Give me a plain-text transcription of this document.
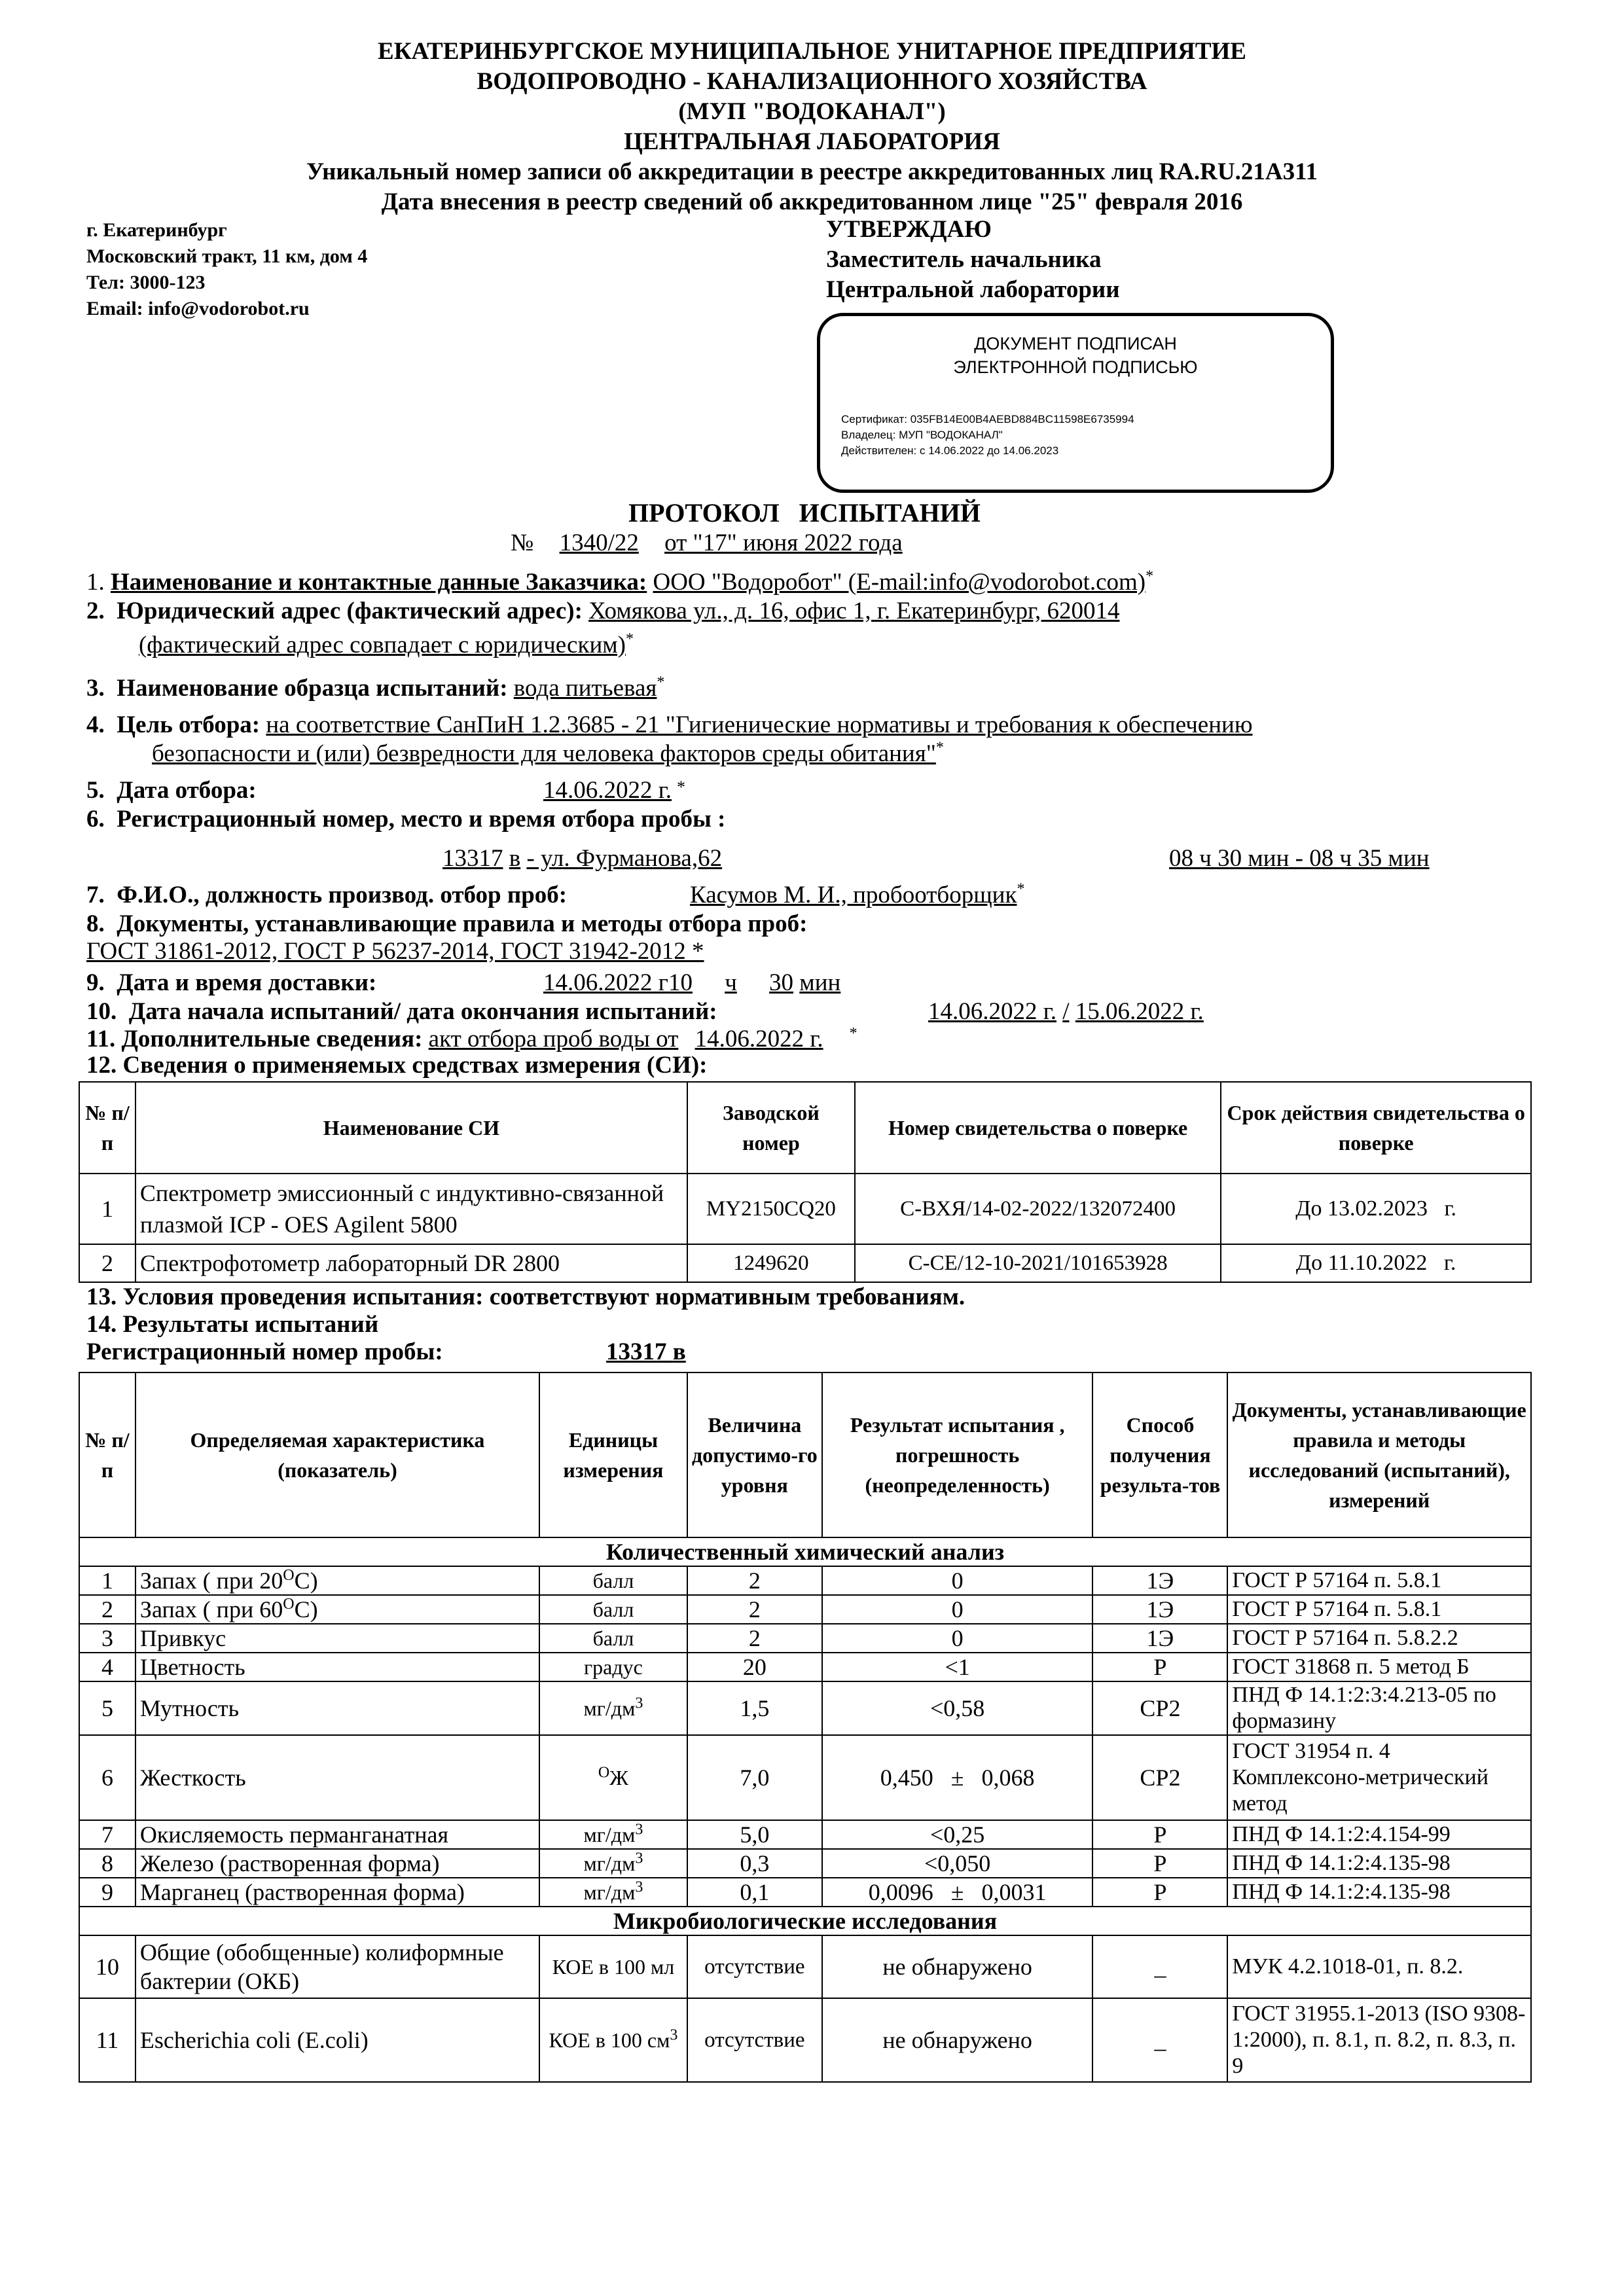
ЕКАТЕРИНБУРГСКОЕ МУНИЦИПАЛЬНОЕ УНИТАРНОЕ ПРЕДПРИЯТИЕ
ВОДОПРОВОДНО - КАНАЛИЗАЦИОННОГО ХОЗЯЙСТВА
(МУП "ВОДОКАНАЛ")
ЦЕНТРАЛЬНАЯ ЛАБОРАТОРИЯ
Уникальный номер записи об аккредитации в реестре аккредитованных лиц RA.RU.21А311
Дата внесения в реестр сведений об аккредитованном лице "25" февраля 2016
г. Екатеринбург
Московский тракт, 11 км, дом 4
Тел: 3000-123
Email: info@vodorobot.ru
УТВЕРЖДАЮ
Заместитель начальника
Центральной лаборатории
ДОКУМЕНТ ПОДПИСАН
ЭЛЕКТРОННОЙ ПОДПИСЬЮ
Сертификат: 035FB14E00B4AEBD884BC11598E6735994
Владелец: МУП "ВОДОКАНАЛ"
Действителен: с 14.06.2022 до 14.06.2023
ПРОТОКОЛ   ИСПЫТАНИЙ
№ 1340/22 от "17" июня 2022 года
1. Наименование и контактные данные Заказчика: ООО "Водоробот" (E-mail:info@vodorobot.com)*
2. Юридический адрес (фактический адрес): Хомякова ул., д. 16, офис 1, г. Екатеринбург, 620014
(фактический адрес совпадает с юридическим)*
3. Наименование образца испытаний: вода питьевая*
4. Цель отбора: на соответствие СанПиН 1.2.3685 - 21 "Гигиенические нормативы и требования к обеспечению
безопасности и (или) безвредности для человека факторов среды обитания"*
5. Дата отбора:	14.06.2022 г. *
6. Регистрационный номер, место и время отбора пробы :
13317 в - ул. Фурманова,62	08 ч 30 мин - 08 ч 35 мин
7. Ф.И.О., должность производ. отбор проб:	Касумов М. И., пробоотборщик*
8. Документы, устанавливающие правила и методы отбора проб:
ГОСТ 31861-2012, ГОСТ Р 56237-2014, ГОСТ 31942-2012 *
9. Дата и время доставки:	14.06.2022 г10 ч 30 мин
10. Дата начала испытаний/ дата окончания испытаний:	14.06.2022 г. / 15.06.2022 г.
11. Дополнительные сведения: акт отбора проб воды от 14.06.2022 г. *
12. Сведения о применяемых средствах измерения (СИ):
№ п/п	Наименование СИ	Заводской номер	Номер свидетельства о поверке	Срок действия свидетельства о поверке
1	Спектрометр эмиссионный с индуктивно-связанной плазмой ICP - OES Agilent 5800	MY2150CQ20	С-ВХЯ/14-02-2022/132072400	До 13.02.2023   г.
2	Спектрофотометр лабораторный DR 2800	1249620	С-СЕ/12-10-2021/101653928	До 11.10.2022   г.
13. Условия проведения испытания: соответствуют нормативным требованиям.
14. Результаты испытаний
Регистрационный номер пробы:	13317 в
№ п/п	Определяемая характеристика (показатель)	Единицы измерения	Величина допустимо-го уровня	Результат испытания , погрешность (неопределенность)	Способ получения результа-тов	Документы, устанавливающие правила и методы исследований (испытаний), измерений
Количественный химический анализ						
1	Запах ( при $20^ОС$)	балл	2	0	1Э	ГОСТ Р 57164 п. 5.8.1
2	Запах ( при $60^ОС$)	балл	2	0	1Э	ГОСТ Р 57164 п. 5.8.1
3	Привкус	балл	2	0	1Э	ГОСТ Р 57164 п. 5.8.2.2
4	Цветность	градус	20	<1	Р	ГОСТ 31868 п. 5 метод Б
5	Мутность	$мг/дм^3$	1,5	<0,58	СР2	ПНД Ф 14.1:2:3:4.213-05 по формазину
6	Жесткость	$^О$Ж	7,0	0,450   ±   0,068	СР2	ГОСТ 31954 п. 4 Комплексоно-метрический метод
7	Окисляемость перманганатная	$мг/дм^3$	5,0	<0,25	Р	ПНД Ф 14.1:2:4.154-99
8	Железо (растворенная форма)	$мг/дм^3$	0,3	<0,050	Р	ПНД Ф 14.1:2:4.135-98
9	Марганец (растворенная форма)	$мг/дм^3$	0,1	0,0096   ±   0,0031	Р	ПНД Ф 14.1:2:4.135-98
Микробиологические исследования						
10	Общие (обобщенные) колиформные бактерии (ОКБ)	КОЕ в 100 мл	отсутствие	не обнаружено	_	МУК 4.2.1018-01, п. 8.2.
11	Escherichia coli (E.coli)	КОЕ в 100 $см^3$	отсутствие	не обнаружено	_	ГОСТ 31955.1-2013 (ISO 9308-1:2000), п. 8.1, п. 8.2, п. 8.3, п. 9
